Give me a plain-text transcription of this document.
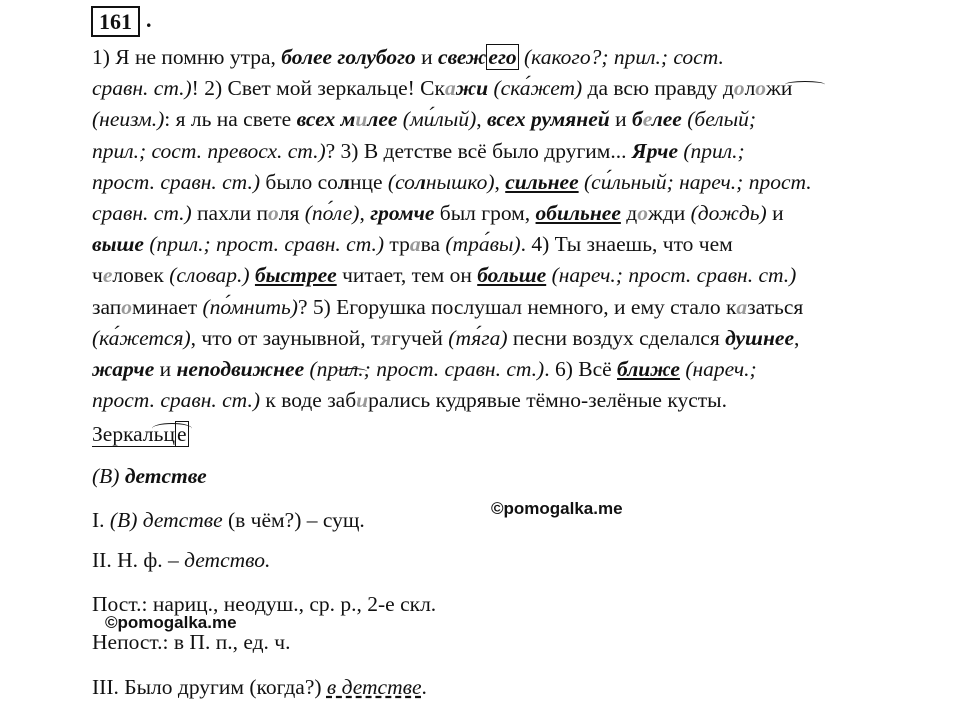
161 .
1) Я не помню утра, более голубого и свежего (какого?; прил.; сост.
сравн. ст.)! 2) Свет мой зеркальце! Скажи (ска́жет) да всю правду доложи
(неизм.): я ль на свете всех милее (ми́лый), всех румяней и белее (белый;
прил.; сост. превосх. ст.)? 3) В детстве всё было другим... Ярче (прил.;
прост. сравн. ст.) было солнце (солнышко), сильнее (си́льный; нареч.; прост.
сравн. ст.) пахли поля (по́ле), громче был гром, обильнее дожди (дождь) и
выше (прил.; прост. сравн. ст.) трава (тра́вы). 4) Ты знаешь, что чем
человек (словар.) быстрее читает, тем он больше (нареч.; прост. сравн. ст.)
запоминает (по́мнить)? 5) Егорушка послушал немного, и ему стало казаться
(ка́жется), что от заунывной, тягучей (тя́га) песни воздух сделался душнее,
жарче и неподвижнее (прил.; прост. сравн. ст.). 6) Всё ближе (нареч.;
прост. сравн. ст.) к воде забирались кудрявые тёмно-зелёные кусты.
Зеркальце
(В) детстве
I. (В) детстве (в чём?) – сущ.
II. Н. ф. – детство.
Пост.: нариц., неодуш., ср. р., 2-е скл.
Непост.: в П. п., ед. ч.
III. Было другим (когда?) в детстве.
©pomogalka.me
©pomogalka.me
